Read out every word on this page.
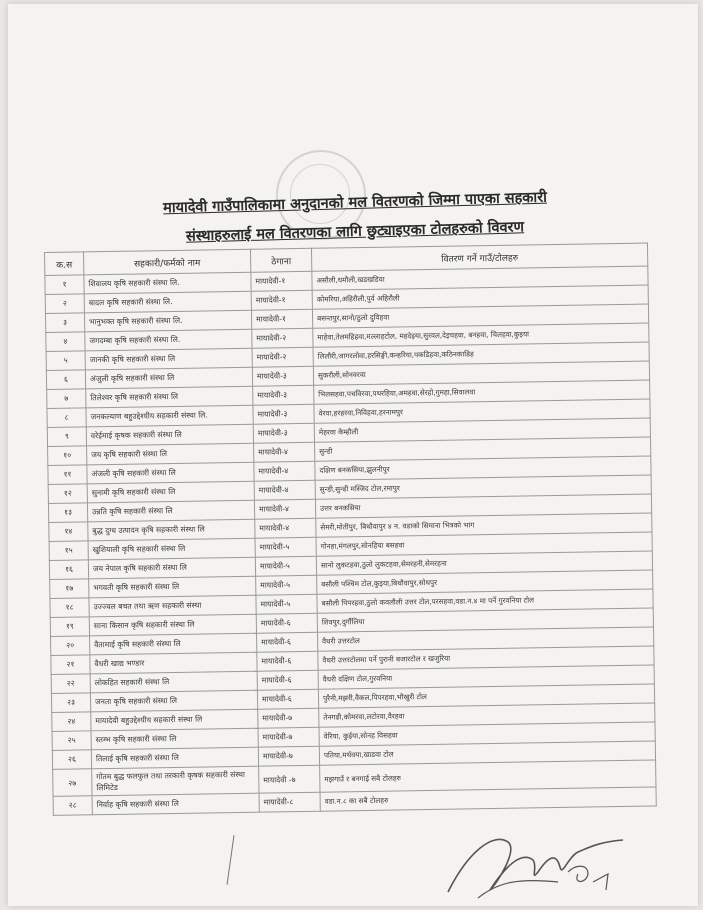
मायादेवी गाउँपालिकामा अनुदानको मल वितरणको जिम्मा पाएका सहकारी
संस्थाहरुलाई मल वितरणका लागि छुट्याइएका टोलहरुको विवरण
क.स	सहकारी/फर्मको नाम	ठेगाना	वितरण गर्ने गाउँ/टोलहरु
१	शिवालय कृषि सहकारी संस्था लि.	मायादेवी-१	असौली,धमौली,खडखडिया
२	बादल कृषि सहकारी संस्था लि.	मायादेवी-१	कोमरिया,अहिरौली,पुर्व अहिरौली
३	भानुभक्त कृषि सहकारी संस्था लि.	मायादेवी-१	बसन्तपुर,सानो/ठुलो दुविहवा
४	जगदम्बा कृषि सहकारी संस्था लि.	मायादेवी-२	माहेवा,तेलमहिहवा,मल्लाहटोल, महदेइया,सुरवल,देइचहवा, बनहवा, चिलहवा,कुइया
५	जानकी कृषि सहकारी संस्था लि	मायादेवी-२	लिलौरी,जागरलोवा,हरसिङ्गी,कन्हरिया,पकडिहवा,कठिनकाडिह
६	अंजुली कृषि सहकारी संस्था लि	मायादेवी-३	सुकरौली,सोनवरवा
७	तिलेश्वर कृषि सहकारी संस्था लि	मायादेवी-३	भिलसहवा,पचविरवा,पथरहिया,अमहवा,सेरहो,गुमहा,सिवालवा
८	जनकल्याण बहुउद्देश्यीय सहकारी संस्था लि.	मायादेवी-३	वेरवा,हरहरवा,निविहवा,हरनामपुर
९	वरेईमाई कृषक सहकारी संस्था लि	मायादेवी-३	मेहरवा केम्हौली
१०	जय कृषि सहकारी संस्था लि	मायादेवी-४	सुन्डी
११	अंजली कृषि सहकारी संस्था लि	मायादेवी-४	दक्षिण बनकसिया,झुलनीपुर
१२	सुनामी कृषि सहकारी संस्था लि	मायादेवी-४	सुन्डी,सुन्डी मस्जिद टोल,रमापुर
१३	उन्नति कृषि सहकारी संस्था लि	मायादेवी-४	उत्तर बनकसिया
१४	बुद्ध दुग्ध उत्पादन कृषि सहकारी संस्था लि	मायादेवी-४	सेमरी,मोतीपुर, बिथौवापुर ४ न. वडाको सिमाना भित्रको भाग
१५	खुशियाली कृषि सहकारी संस्था लि	मायादेवी-५	गोनहा,मंगलपुर,सोनहिया बसहवा
१६	जय नेपाल कृषि सहकारी संस्था लि	मायादेवी-५	सानो लुकटहवा,ठुलो लुकटहवा,सेमरहनी,सेमरहना
१७	भगवती कृषि सहकारी संस्था लि	मायादेवी-५	बसौली पश्चिम टोल,कुइया,बिथौवापुर,सोधपुर
१८	उज्ज्वल बचत तथा ऋण सहकारी संस्था	मायादेवी-५	बसौली पिपरहवा,ठुलो कवलौली उत्तर टोल,परसहवा,वडा.न.४ मा पर्ने गुरवनिया टोल
१९	साना किसान कृषि सहकारी संस्था लि	मायादेवी-६	शिवपुर,दुर्गौलिया
२०	वैतामाई कृषि सहकारी संस्था लि	मायादेवी-६	वैधरी उत्तरटोल
२१	वैधरी खाद्य भण्डार	मायादेवी-६	वैधरी उत्तरटोलमा पर्ने पुरानी बजारटोल र खजुरिया
२२	लोकहित सहकारी संस्था लि	मायादेवी-६	वैधरी दक्षिण टोल,गुरवनिया
२३	जनता कृषि सहकारी संस्था लि	मायादेवी-६	पुरैनी,मझरी,वैकल,पिपरहवा,भौखुरी टोल
२४	मायादेवी बहुउद्देश्यीय सहकारी संस्था लि	मायादेवी-७	तेनगढी,कोमरवा,लटोरवा,वैरहवा
२५	स्तम्भ कृषि सहकारी संस्था लि	मायादेवी-७	वेरिया, कुईया,सोनह विसहवा
२६	तिलाई कृषि सहकारी संस्था लि	मायादेवी-७	पतिया,मर्थवया,खाडवा टोल
२७	गोतम बुद्ध फलफुल तथा तरकारी कृषक सहकारी संस्था लिमिटेड	मायादेवी -७	मझगाउँ र बनगाई सबै टोलहरु
२८	निर्वाह कृषि सहकारी संस्था लि	मायादेवी-८	वडा.न.८ का सबै टोलहरु
